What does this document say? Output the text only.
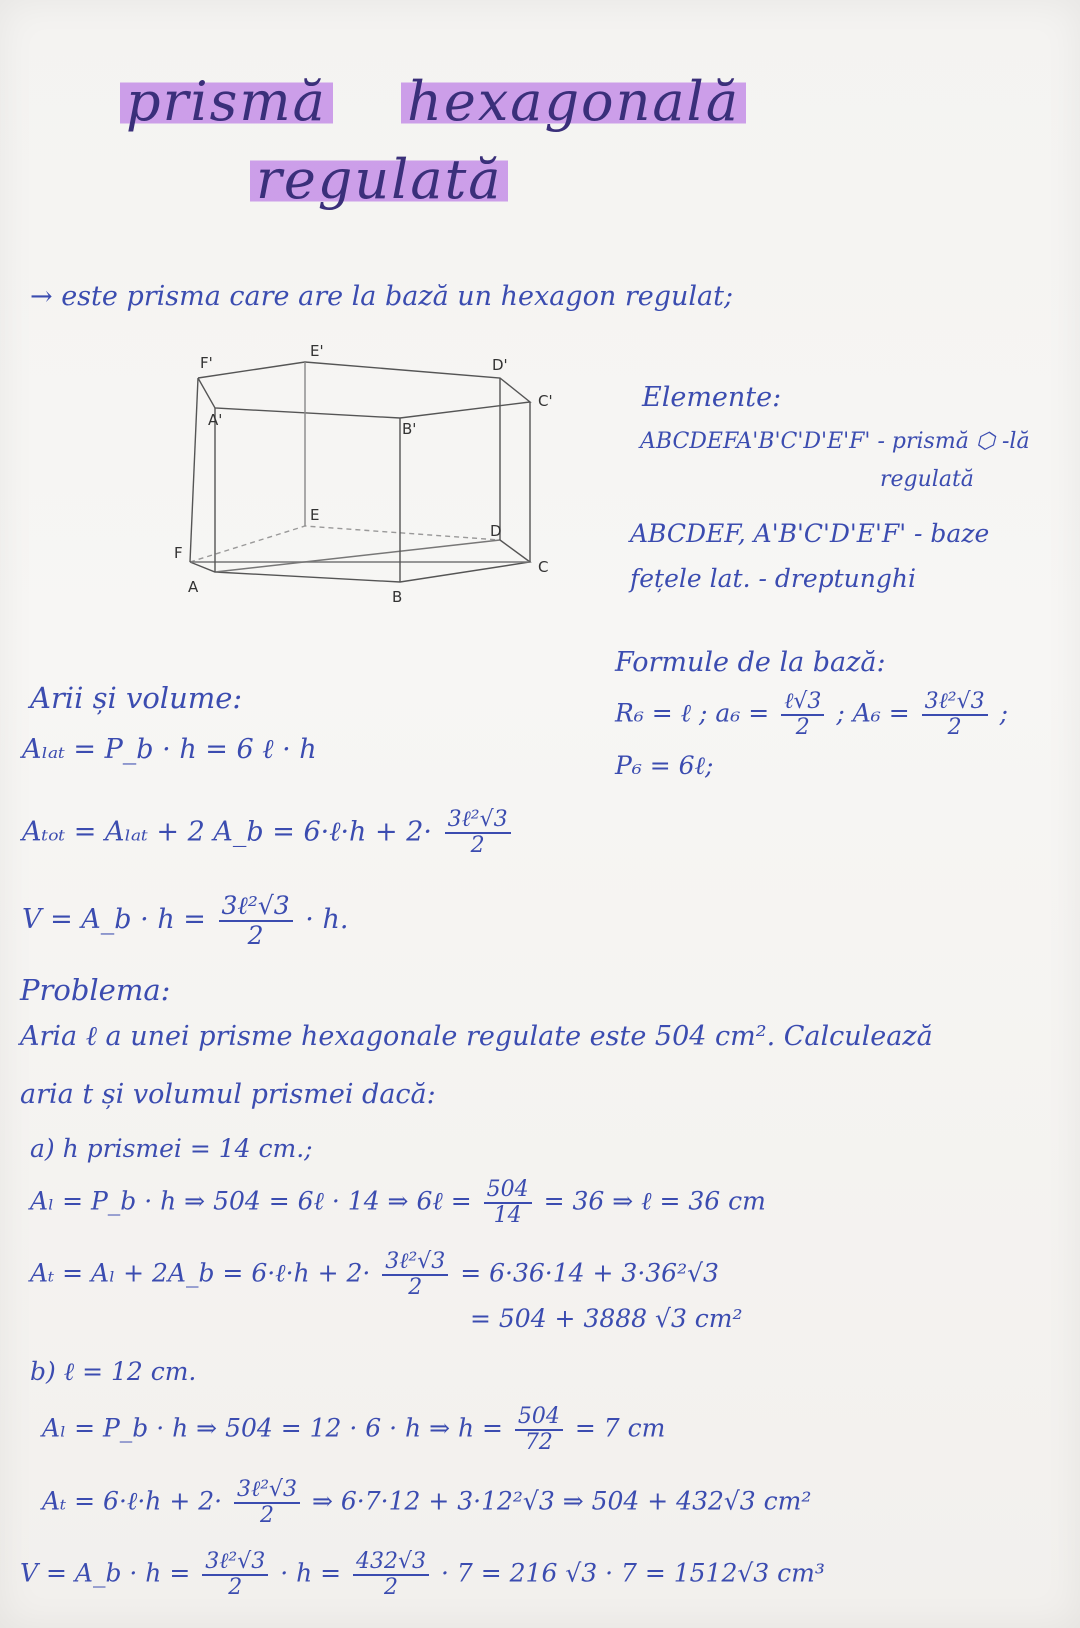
prismă hexagonală
regulată
→ este prisma care are la bază un hexagon regulat;
F'
E'
D'
C'
B'
A'
E
D
C
B
A
F
Elemente:
ABCDEFA'B'C'D'E'F' - prismă ⬡ -lă
regulată
ABCDEF, A'B'C'D'E'F' - baze
fețele lat. - dreptunghi
Formule de la bază:
R₆ = ℓ ; $a_6 = \frac{\text{ℓ√3}}{2}$ ; $A_6 = \frac{\text{3ℓ²√3}}{2}$ ;
P₆ = 6ℓ;
Arii și volume:
Aₗₐₜ = P_b · h = 6 ℓ · h
Aₜₒₜ = Aₗₐₜ + 2 A_b = 6·ℓ·h + $2\cdot \frac{\text{3ℓ²√3}}{2}$
V = A_b · $h = \frac{\text{3ℓ²√3}}{2} \cdot h$.
Problema:
Aria ℓ a unei prisme hexagonale regulate este 504 cm². Calculează
aria t și volumul prismei dacă:
a) h prismei = 14 cm.;
Aₗ = P_b · h ⇒ 504 = 6ℓ · 14 ⇒ 6ℓ = $\frac{504}{14} = 36$ ⇒ ℓ = 36 cm
Aₜ = Aₗ + 2A_b = 6·ℓ·h + $2\cdot \frac{\text{3ℓ²√3}}{2} = 6\cdot 36\cdot 14 + 3\cdot 36^2√3$
= 504 + 3888 √3 cm²
b) ℓ = 12 cm.
Aₗ = P_b · h ⇒ 504 = 12 · 6 · h ⇒ $h = \frac{504}{72} = 7$ cm
Aₜ = 6·ℓ·h + $2\cdot \frac{\text{3ℓ²√3}}{2}$ ⇒ 6·7·12 + 3·12²√3 ⇒ 504 + 432√3 cm²
V = A_b · $h = \frac{\text{3ℓ²√3}}{2} \cdot h = \frac{432√3}{2} \cdot 7 = 216$ √3 · 7 = 1512√3 cm³
